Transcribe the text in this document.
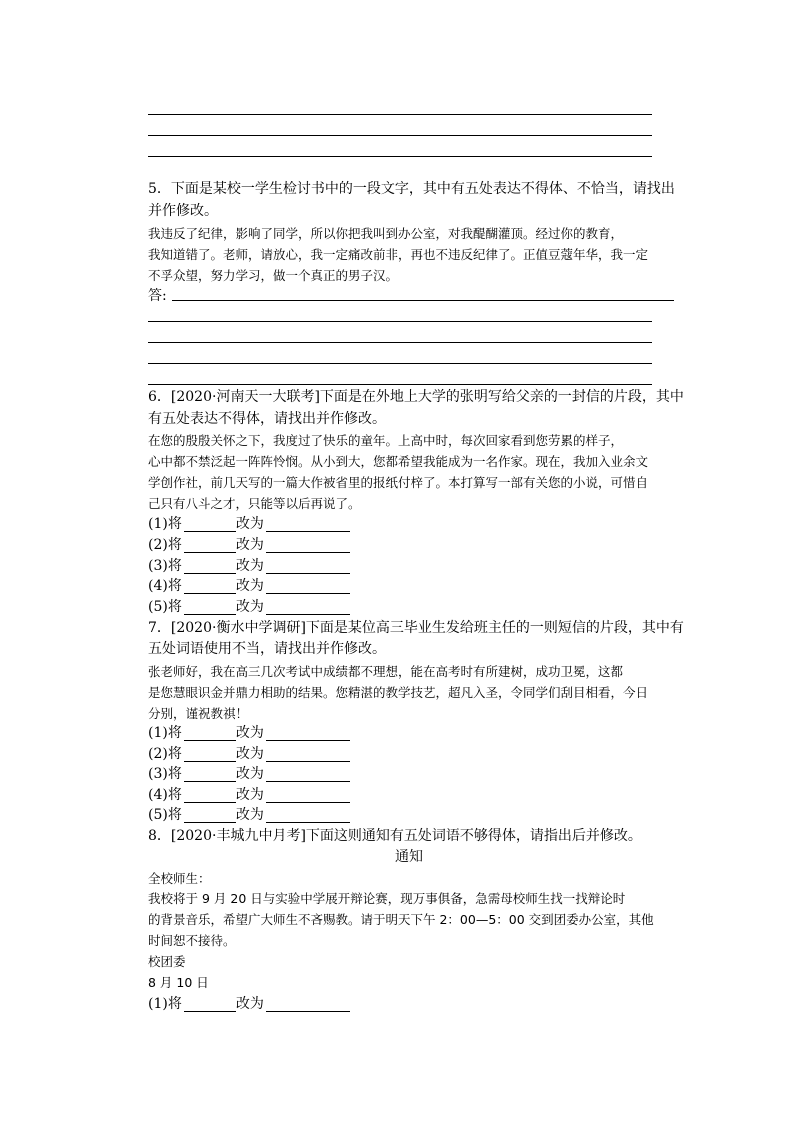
5．下面是某校一学生检讨书中的一段文字，其中有五处表达不得体、不恰当，请找出
并作修改。
我违反了纪律，影响了同学，所以你把我叫到办公室，对我醍醐灌顶。经过你的教育，
我知道错了。老师，请放心，我一定痛改前非，再也不违反纪律了。正值豆蔻年华，我一定
不孚众望，努力学习，做一个真正的男子汉。
答:
6．[2020·河南天一大联考]下面是在外地上大学的张明写给父亲的一封信的片段，其中
有五处表达不得体，请找出并作修改。
在您的殷殷关怀之下，我度过了快乐的童年。上高中时，每次回家看到您劳累的样子，
心中都不禁泛起一阵阵怜悯。从小到大，您都希望我能成为一名作家。现在，我加入业余文
学创作社，前几天写的一篇大作被省里的报纸付梓了。本打算写一部有关您的小说，可惜自
己只有八斗之才，只能等以后再说了。
(1)将	改为
(2)将	改为
(3)将	改为
(4)将	改为
(5)将	改为
7．[2020·衡水中学调研]下面是某位高三毕业生发给班主任的一则短信的片段，其中有
五处词语使用不当，请找出并作修改。
张老师好，我在高三几次考试中成绩都不理想，能在高考时有所建树，成功卫冕，这都
是您慧眼识金并鼎力相助的结果。您精湛的教学技艺，超凡入圣，令同学们刮目相看，今日
分别，谨祝教祺！
(1)将	改为
(2)将	改为
(3)将	改为
(4)将	改为
(5)将	改为
8．[2020·丰城九中月考]下面这则通知有五处词语不够得体，请指出后并修改。
通知
全校师生：
我校将于 9 月 20 日与实验中学展开辩论赛，现万事俱备，急需母校师生找一找辩论时
的背景音乐，希望广大师生不吝赐教。请于明天下午 2：00—5：00 交到团委办公室，其他
时间恕不接待。
校团委
8 月 10 日
(1)将	改为
